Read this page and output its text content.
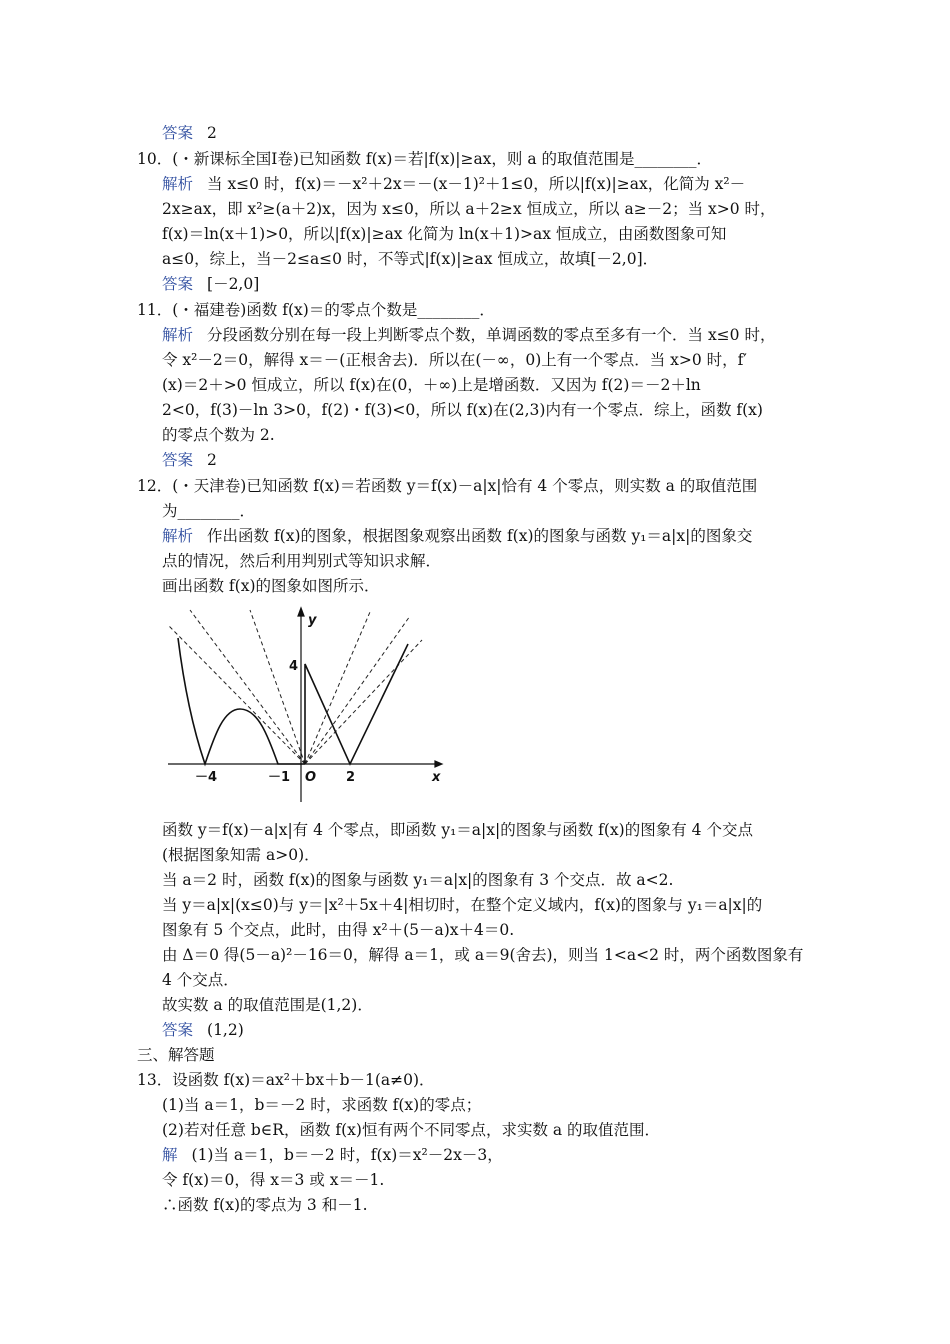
答案 2
10．(・新课标全国Ⅰ卷)已知函数 f(x)＝若|f(x)|≥ax，则 a 的取值范围是________．
解析 当 x≤0 时，f(x)＝－x²＋2x＝－(x－1)²＋1≤0，所以|f(x)|≥ax，化简为 x²－
2x≥ax，即 x²≥(a＋2)x，因为 x≤0，所以 a＋2≥x 恒成立，所以 a≥－2；当 x>0 时，
f(x)＝ln(x＋1)>0，所以|f(x)|≥ax 化简为 ln(x＋1)>ax 恒成立，由函数图象可知
a≤0，综上，当－2≤a≤0 时，不等式|f(x)|≥ax 恒成立，故填[－2,0]．
答案 [－2,0]
11．(・福建卷)函数 f(x)＝的零点个数是________．
解析 分段函数分别在每一段上判断零点个数，单调函数的零点至多有一个．当 x≤0 时，
令 x²－2＝0，解得 x＝－(正根舍去)．所以在(－∞，0)上有一个零点．当 x>0 时，f′
(x)＝2＋>0 恒成立，所以 f(x)在(0，＋∞)上是增函数．又因为 f(2)＝－2＋ln
2<0，f(3)－ln 3>0，f(2)・f(3)<0，所以 f(x)在(2,3)内有一个零点．综上，函数 f(x)
的零点个数为 2.
答案 2
12．(・天津卷)已知函数 f(x)＝若函数 y＝f(x)－a|x|恰有 4 个零点，则实数 a 的取值范围
为________．
解析 作出函数 f(x)的图象，根据图象观察出函数 f(x)的图象与函数 y₁＝a|x|的图象交
点的情况，然后利用判别式等知识求解．
画出函数 f(x)的图象如图所示．
y
x
O
－4	－1	2
4
函数 y＝f(x)－a|x|有 4 个零点，即函数 y₁＝a|x|的图象与函数 f(x)的图象有 4 个交点
(根据图象知需 a>0)．
当 a＝2 时，函数 f(x)的图象与函数 y₁＝a|x|的图象有 3 个交点．故 a<2.
当 y＝a|x|(x≤0)与 y＝|x²＋5x＋4|相切时，在整个定义域内，f(x)的图象与 y₁＝a|x|的
图象有 5 个交点，此时，由得 x²＋(5－a)x＋4＝0.
由 Δ＝0 得(5－a)²－16＝0，解得 a＝1，或 a＝9(舍去)，则当 1<a<2 时，两个函数图象有
4 个交点．
故实数 a 的取值范围是(1,2)．
答案 (1,2)
三、解答题
13．设函数 f(x)＝ax²＋bx＋b－1(a≠0)．
(1)当 a＝1，b＝－2 时，求函数 f(x)的零点；
(2)若对任意 b∈R，函数 f(x)恒有两个不同零点，求实数 a 的取值范围．
解 (1)当 a＝1，b＝－2 时，f(x)＝x²－2x－3，
令 f(x)＝0，得 x＝3 或 x＝－1.
∴函数 f(x)的零点为 3 和－1.
